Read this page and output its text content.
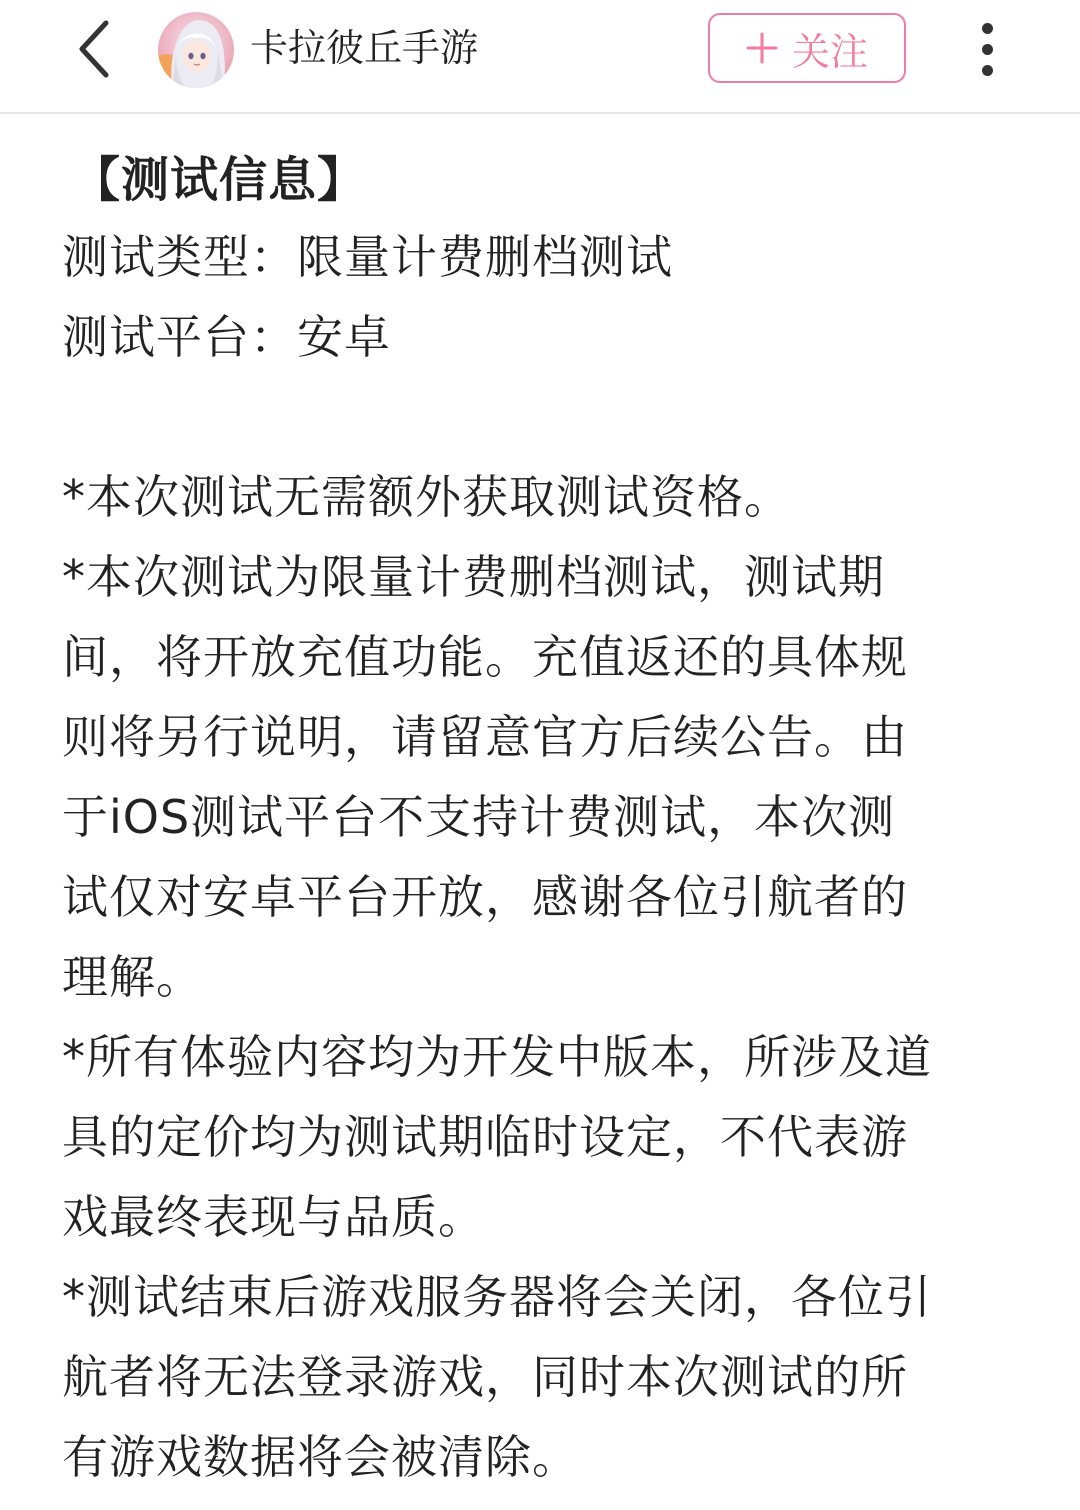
卡拉彼丘手游	关注
【测试信息】
测试类型：限量计费删档测试
测试平台：安卓
*本次测试无需额外获取测试资格。
*本次测试为限量计费删档测试，测试期
间，将开放充值功能。充值返还的具体规
则将另行说明，请留意官方后续公告。由
于iOS测试平台不支持计费测试，本次测
试仅对安卓平台开放，感谢各位引航者的
理解。
*所有体验内容均为开发中版本，所涉及道
具的定价均为测试期临时设定，不代表游
戏最终表现与品质。
*测试结束后游戏服务器将会关闭，各位引
航者将无法登录游戏，同时本次测试的所
有游戏数据将会被清除。
